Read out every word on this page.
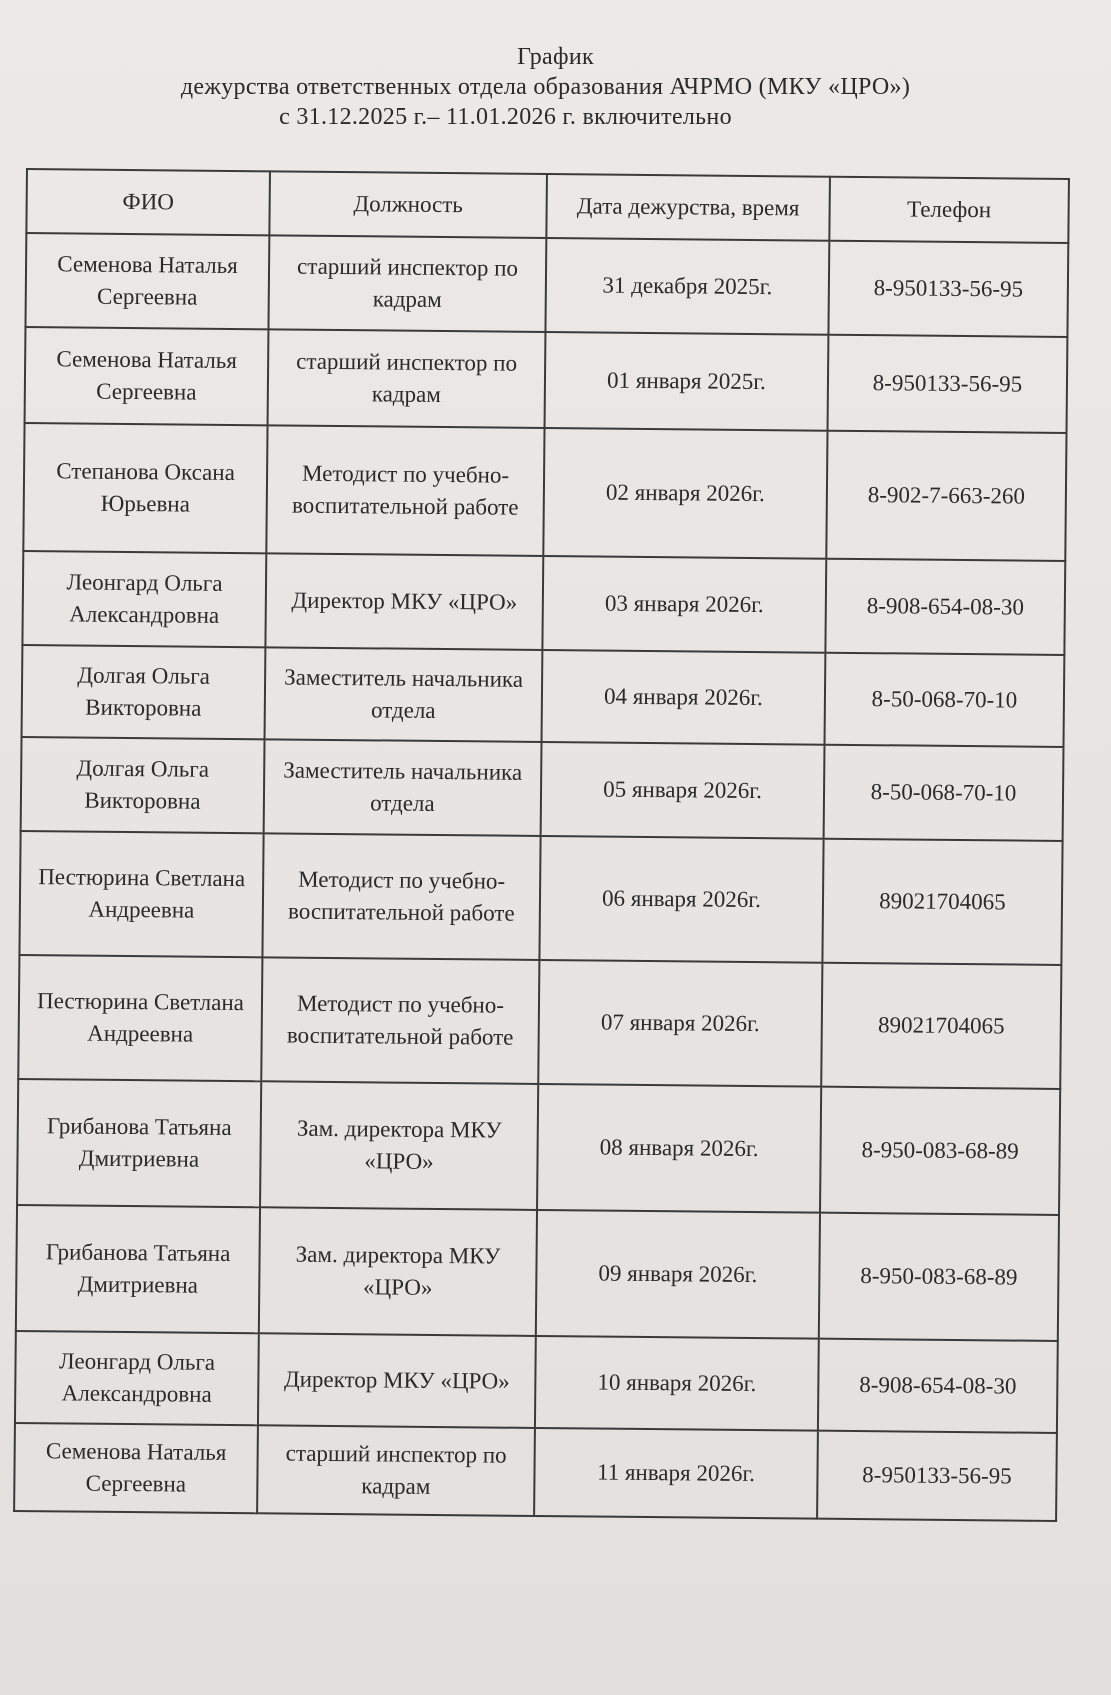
График
дежурства ответственных отдела образования АЧРМО (МКУ «ЦРО»)
с 31.12.2025 г.– 11.01.2026 г. включительно
ФИО	Должность	Дата дежурства, время	Телефон
Семенова Наталья Сергеевна	старший инспектор по кадрам	31 декабря 2025г.	8-950133-56-95
Семенова Наталья Сергеевна	старший инспектор по кадрам	01 января 2025г.	8-950133-56-95
Степанова Оксана Юрьевна	Методист по учебно-воспитательной работе	02 января 2026г.	8-902-7-663-260
Леонгард Ольга Александровна	Директор МКУ «ЦРО»	03 января 2026г.	8-908-654-08-30
Долгая Ольга Викторовна	Заместитель начальника отдела	04 января 2026г.	8-50-068-70-10
Долгая Ольга Викторовна	Заместитель начальника отдела	05 января 2026г.	8-50-068-70-10
Пестюрина Светлана Андреевна	Методист по учебно-воспитательной работе	06 января 2026г.	89021704065
Пестюрина Светлана Андреевна	Методист по учебно-воспитательной работе	07 января 2026г.	89021704065
Грибанова Татьяна Дмитриевна	Зам. директора МКУ «ЦРО»	08 января 2026г.	8-950-083-68-89
Грибанова Татьяна Дмитриевна	Зам. директора МКУ «ЦРО»	09 января 2026г.	8-950-083-68-89
Леонгард Ольга Александровна	Директор МКУ «ЦРО»	10 января 2026г.	8-908-654-08-30
Семенова Наталья Сергеевна	старший инспектор по кадрам	11 января 2026г.	8-950133-56-95
